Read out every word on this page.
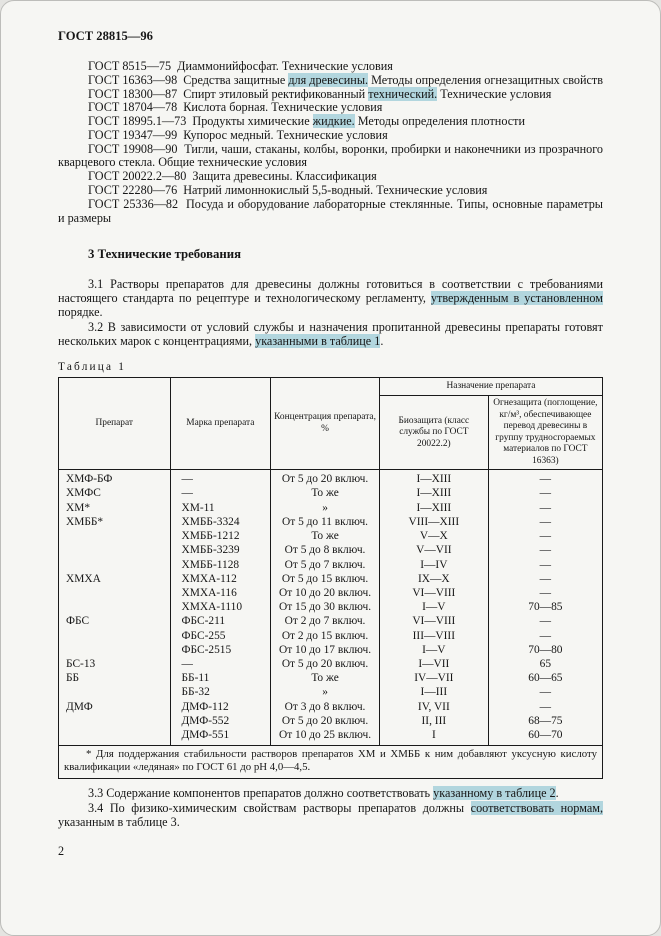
ГОСТ 28815—96

ГОСТ 8515—75  Диаммонийфосфат. Технические условия

ГОСТ 16363—98  Средства защитные для древесины. Методы определения огнезащитных свойств

ГОСТ 18300—87  Спирт этиловый ректификованный технический. Технические условия

ГОСТ 18704—78  Кислота борная. Технические условия

ГОСТ 18995.1—73  Продукты химические жидкие. Методы определения плотности

ГОСТ 19347—99  Купорос медный. Технические условия

ГОСТ 19908—90  Тигли, чаши, стаканы, колбы, воронки, пробирки и наконечники из прозрачного кварцевого стекла. Общие технические условия

ГОСТ 20022.2—80  Защита древесины. Классификация

ГОСТ 22280—76  Натрий лимоннокислый 5,5-водный. Технические условия

ГОСТ 25336—82  Посуда и оборудование лабораторные стеклянные. Типы, основные параметры и размеры

3 Технические требования

3.1 Растворы препаратов для древесины должны готовиться в соответствии с требованиями настоящего стандарта по рецептуре и технологическому регламенту, утвержденным в установленном порядке.

3.2 В зависимости от условий службы и назначения пропитанной древесины препараты готовят нескольких марок с концентрациями, указанными в таблице 1.

Таблица 1
Препарат	Марка препарата	Концентрация препарата, %	Назначение препарата	
			Биозащита (класс службы по ГОСТ 20022.2)	Огнезащита (поглощение, кг/м³, обеспечивающее перевод древесины в группу трудносгораемых материалов по ГОСТ 16363)
ХМФ-БФ	—	От 5 до 20 включ.	I—XIII	—
ХМФС	—	То же	I—XIII	—
ХМ*	ХМ-11	»	I—XIII	—
ХМББ*	ХМББ-3324	От 5 до 11 включ.	VIII—XIII	—
	ХМББ-1212	То же	V—X	—
	ХМББ-3239	От 5 до 8 включ.	V—VII	—
	ХМББ-1128	От 5 до 7 включ.	I—IV	—
ХМХА	ХМХА-112	От 5 до 15 включ.	IX—X	—
	ХМХА-116	От 10 до 20 включ.	VI—VIII	—
	ХМХА-1110	От 15 до 30 включ.	I—V	70—85
ФБС	ФБС-211	От 2 до 7 включ.	VI—VIII	—
	ФБС-255	От 2 до 15 включ.	III—VIII	—
	ФБС-2515	От 10 до 17 включ.	I—V	70—80
БС-13	—	От 5 до 20 включ.	I—VII	65
ББ	ББ-11	То же	IV—VII	60—65
	ББ-32	»	I—III	—
ДМФ	ДМФ-112	От 3 до 8 включ.	IV, VII	—
	ДМФ-552	От 5 до 20 включ.	II, III	68—75
	ДМФ-551	От 10 до 25 включ.	I	60—70
* Для поддержания стабильности растворов препаратов ХМ и ХМББ к ним добавляют уксусную кислоту квалификации «ледяная» по ГОСТ 61 до рН 4,0—4,5.				

3.3 Содержание компонентов препаратов должно соответствовать указанному в таблице 2.

3.4 По физико-химическим свойствам растворы препаратов должны соответствовать нормам, указанным в таблице 3.

2
